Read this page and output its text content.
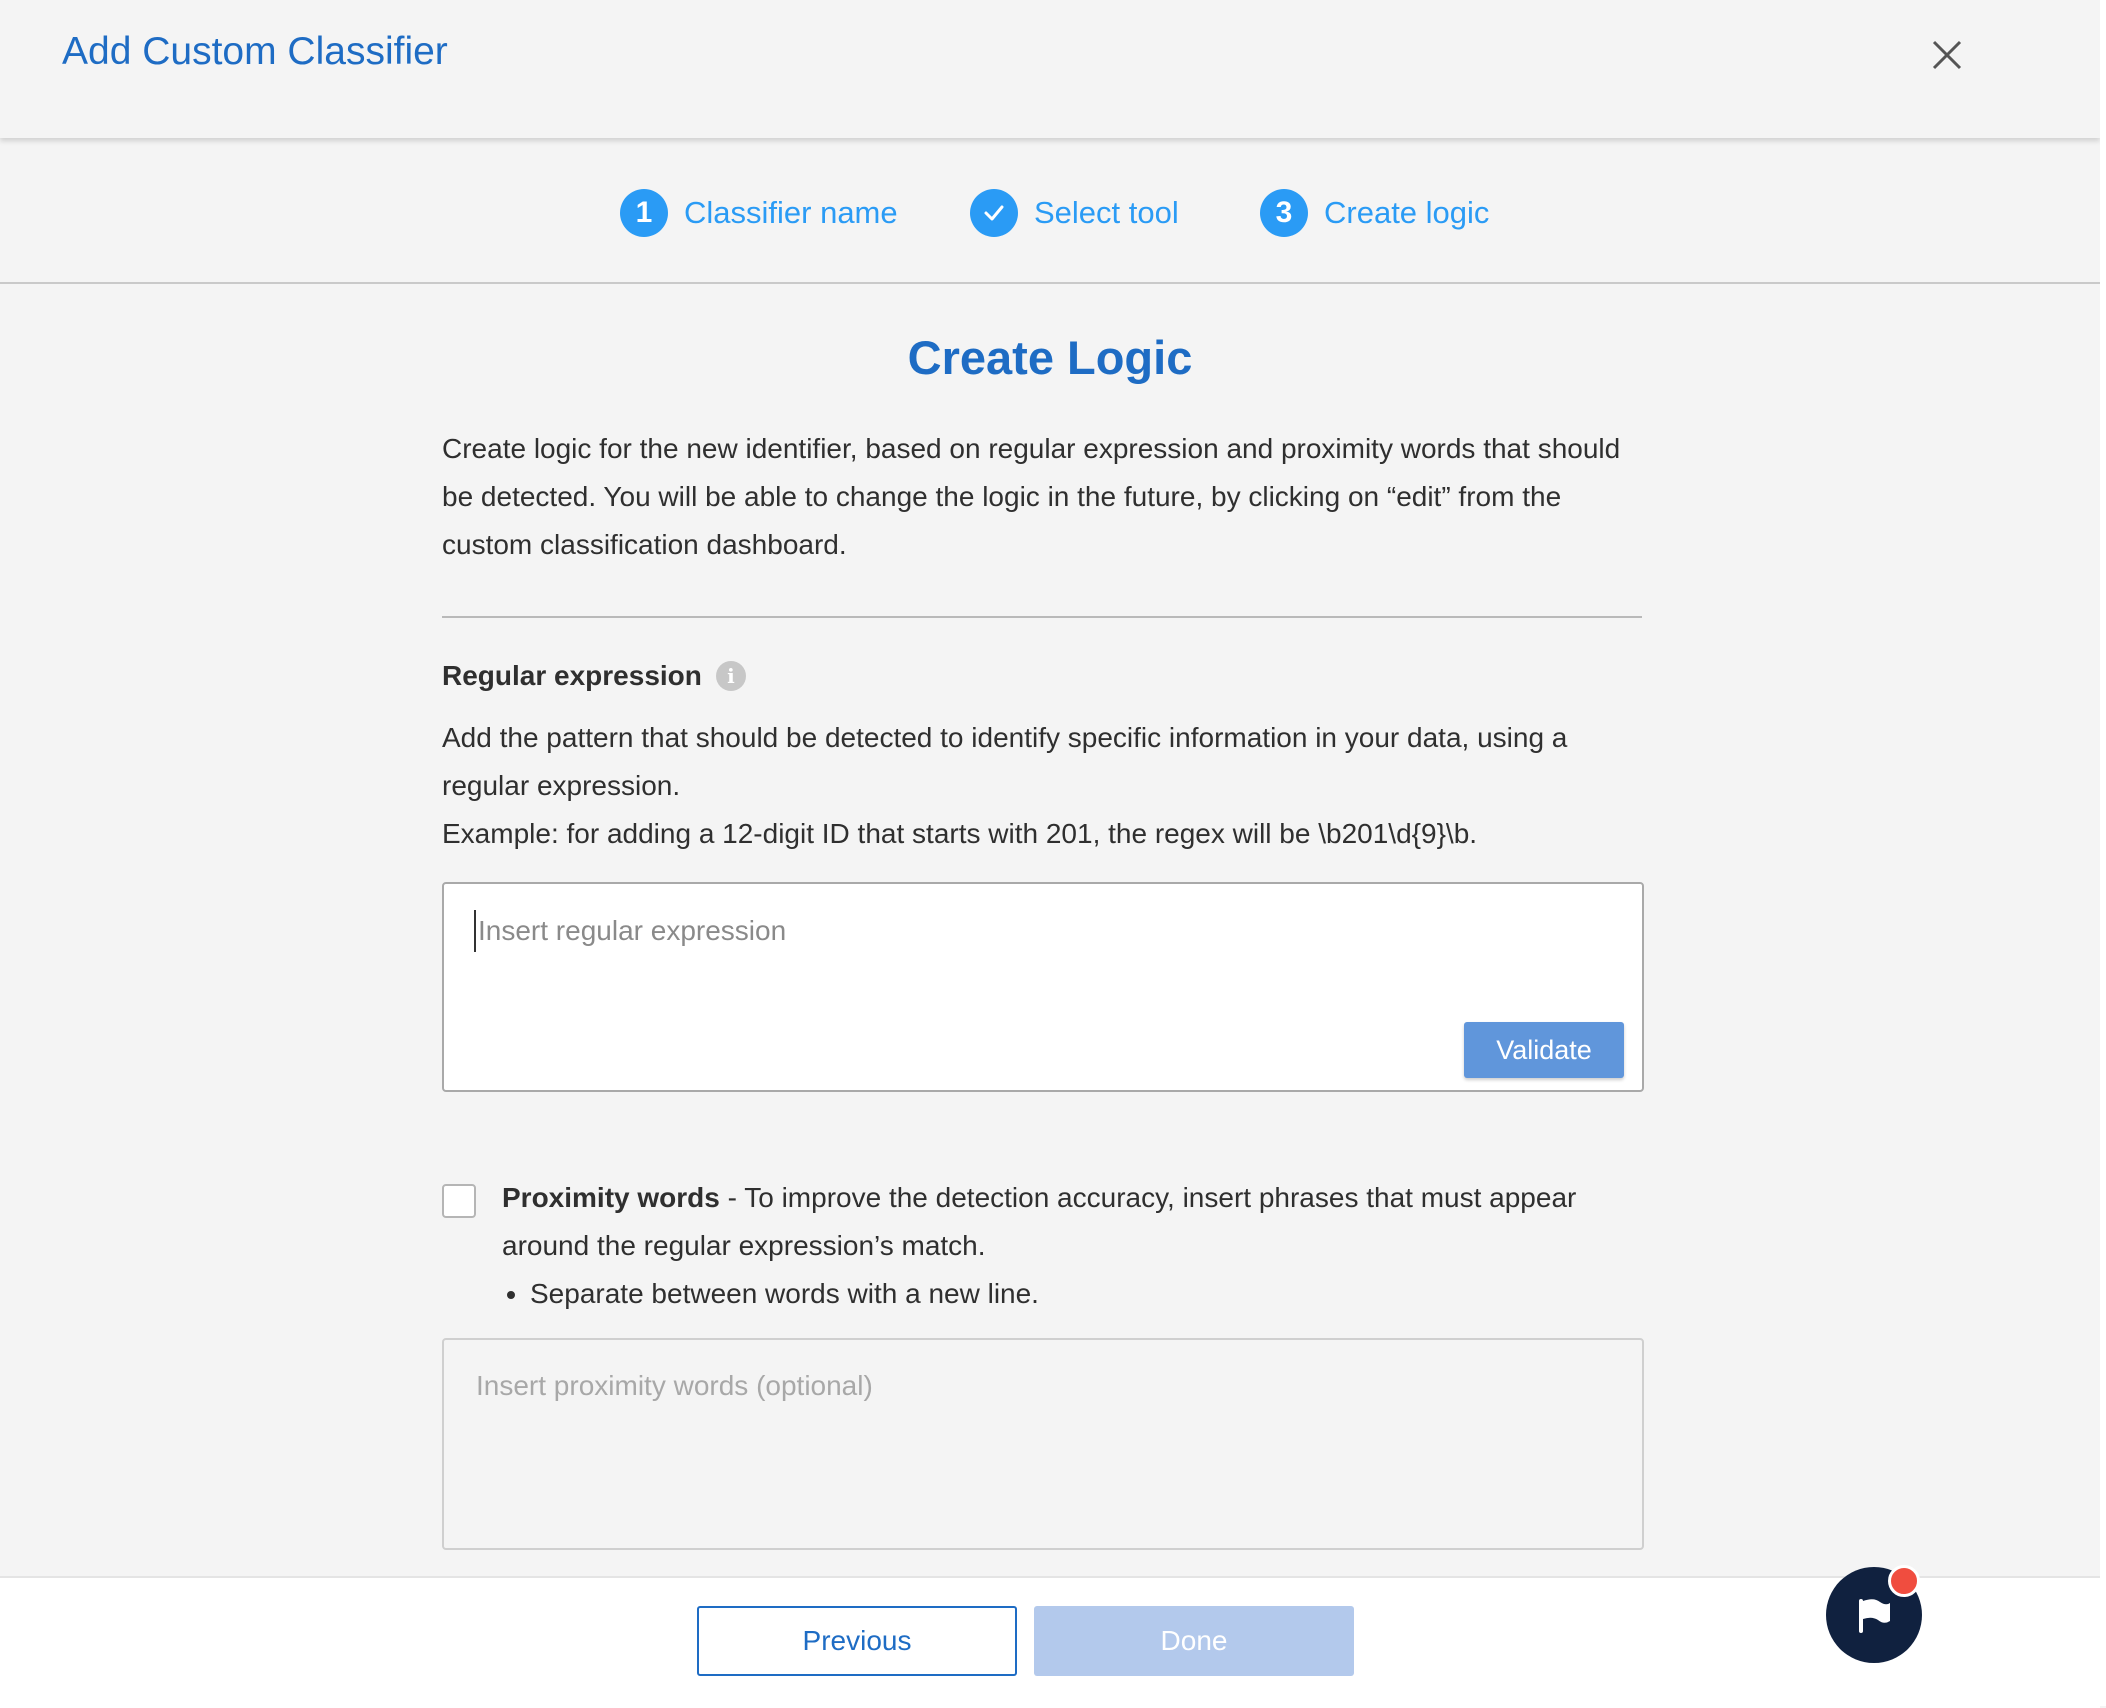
Add Custom Classifier
1	Classifier name	Select tool	3	Create logic
Create Logic
Create logic for the new identifier, based on regular expression and proximity words that should be detected. You will be able to change the logic in the future, by clicking on “edit” from the custom classification dashboard.
Regular expression	i
Add the pattern that should be detected to identify specific information in your data, using a regular expression.
Example: for adding a 12-digit ID that starts with 201, the regex will be \b201\d{9}\b.
Insert regular expression
Validate
Proximity words - To improve the detection accuracy, insert phrases that must appear around the regular expression’s match.
• Separate between words with a new line.
Insert proximity words (optional)
Previous	Done
